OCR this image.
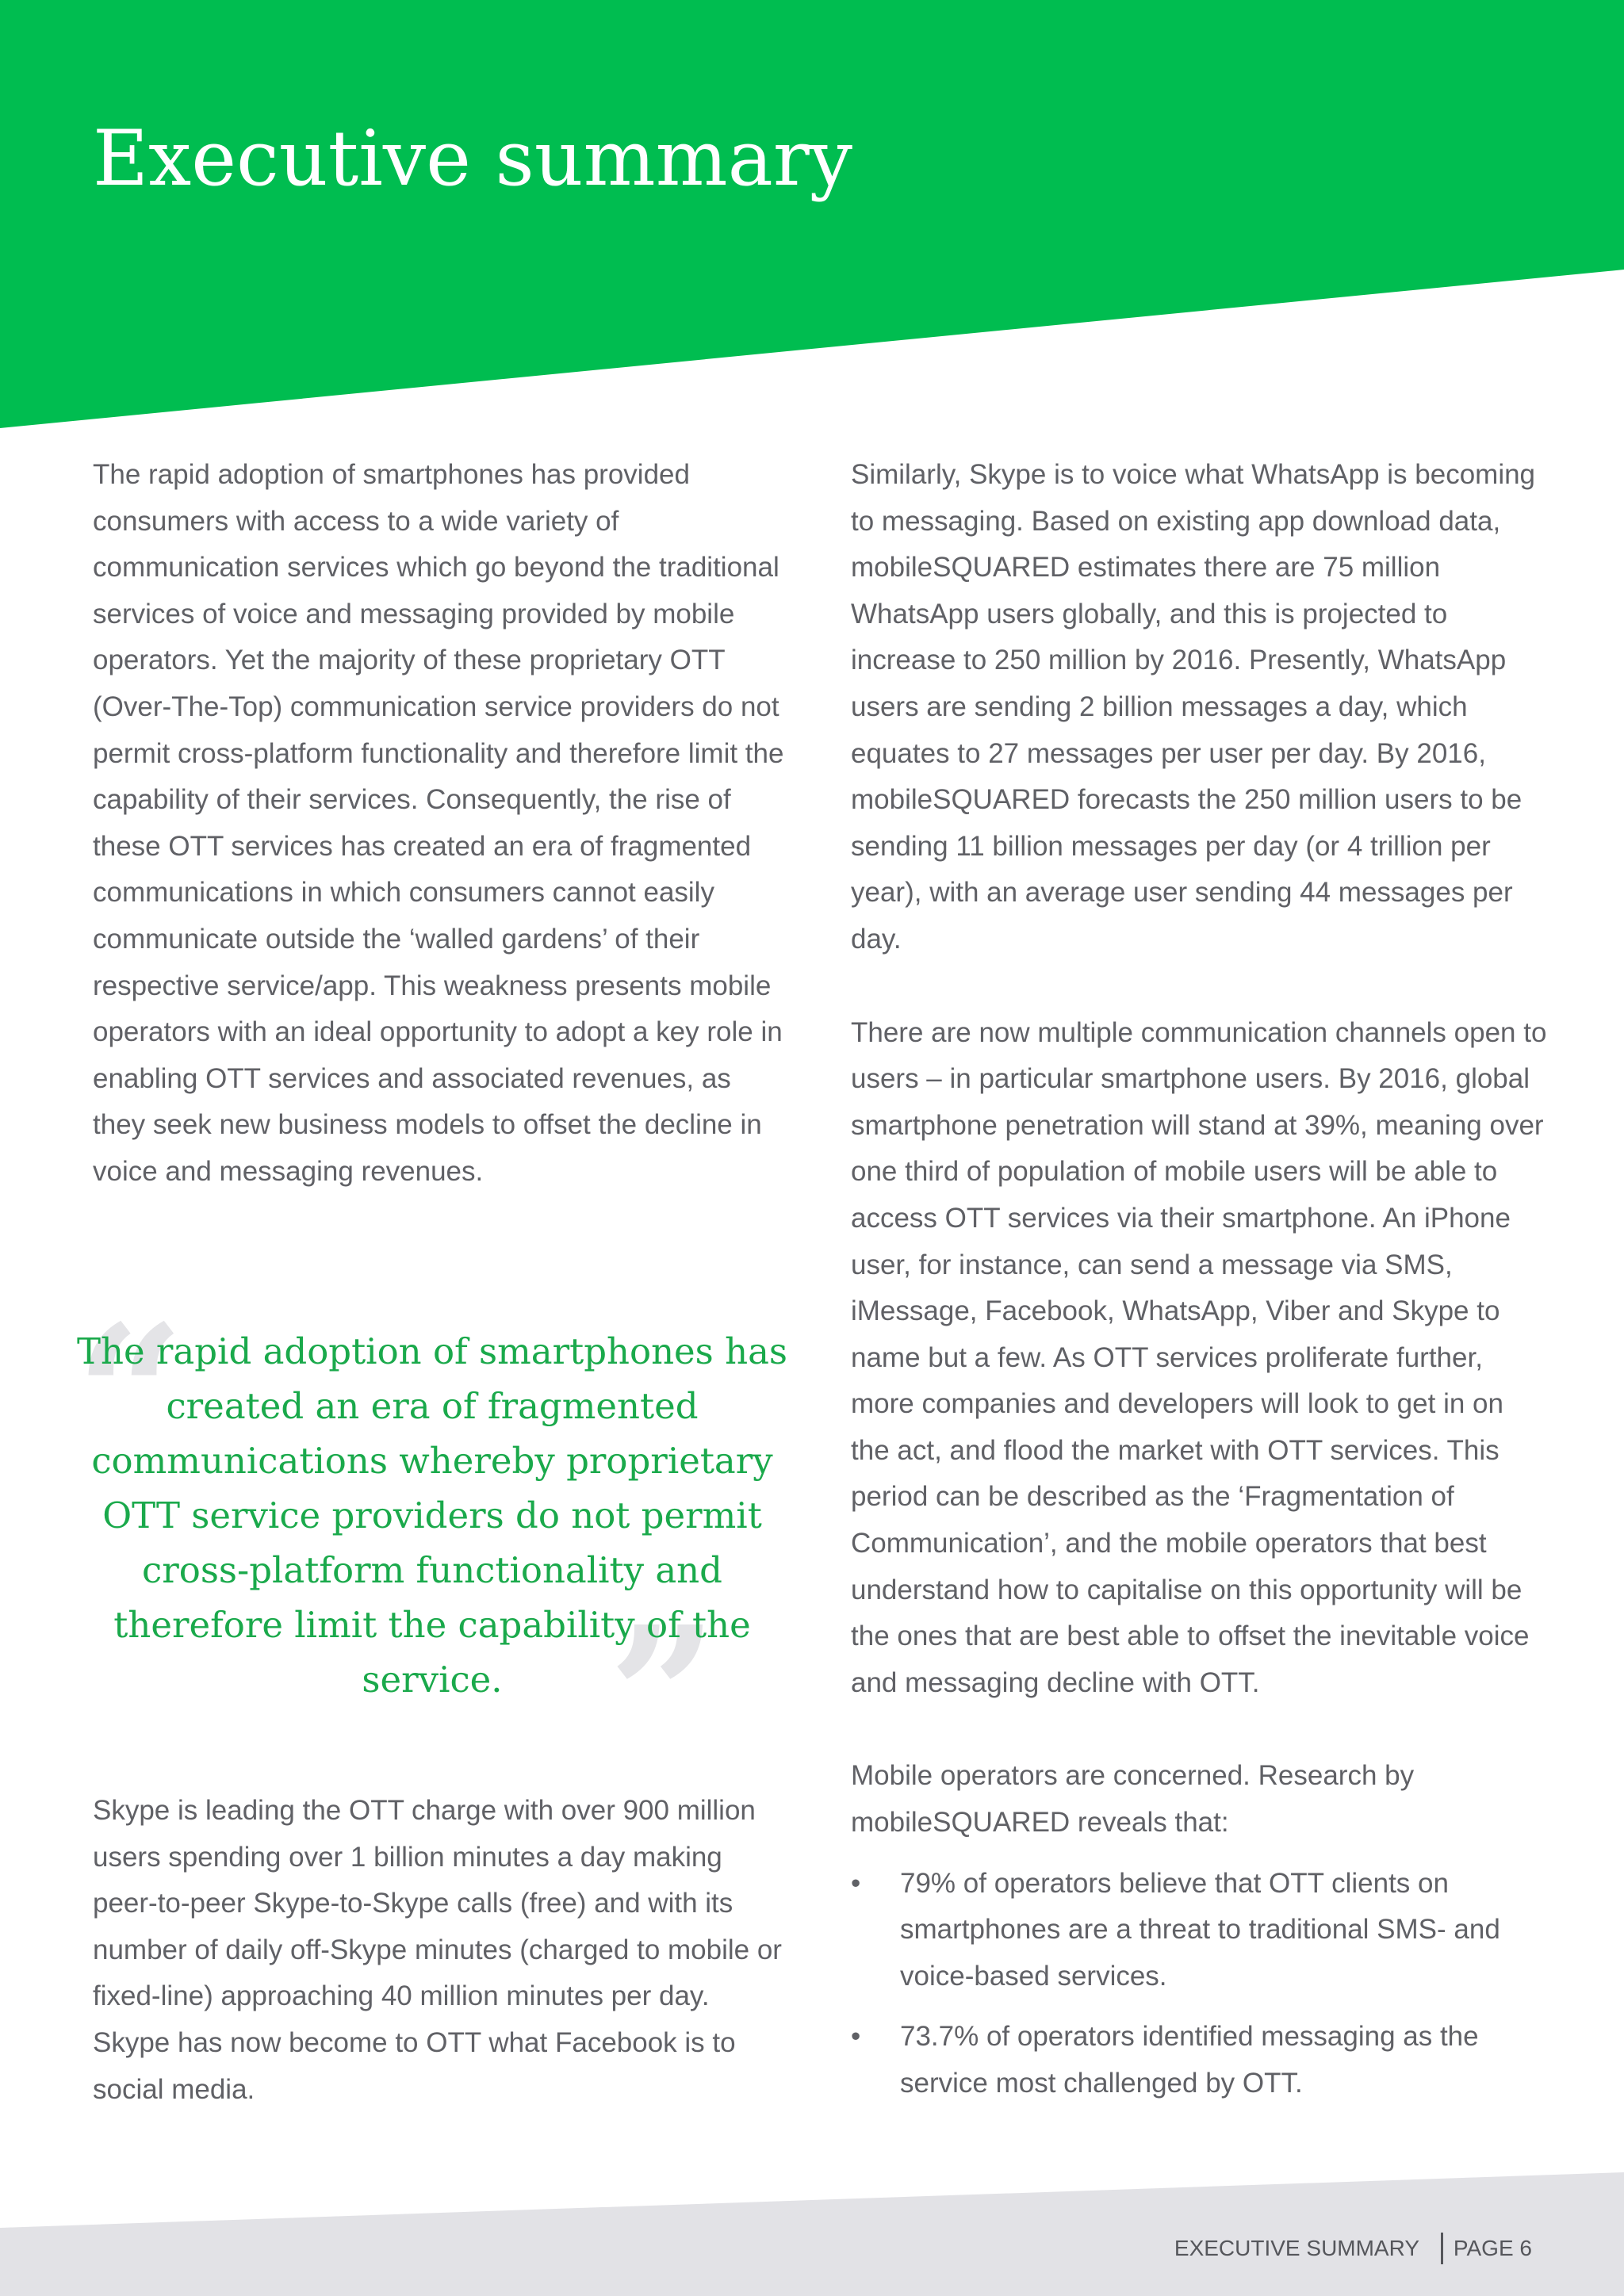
Executive summary

The rapid adoption of smartphones has provided consumers with access to a wide variety of communication services which go beyond the traditional services of voice and messaging provided by mobile operators. Yet the majority of these proprietary OTT (Over-The-Top) communication service providers do not permit cross-platform functionality and therefore limit the capability of their services. Consequently, the rise of these OTT services has created an era of fragmented communications in which consumers cannot easily communicate outside the ‘walled gardens’ of their respective service/app. This weakness presents mobile operators with an ideal opportunity to adopt a key role in enabling OTT services and associated revenues, as they seek new business models to offset the decline in voice and messaging revenues.

“
”

The rapid adoption of smartphones has created an era of fragmented communications whereby proprietary OTT service providers do not permit cross-platform functionality and therefore limit the capability of the service.

Skype is leading the OTT charge with over 900 million users spending over 1 billion minutes a day making peer-to-peer Skype-to-Skype calls (free) and with its number of daily off-Skype minutes (charged to mobile or fixed-line) approaching 40 million minutes per day. Skype has now become to OTT what Facebook is to social media.

Similarly, Skype is to voice what WhatsApp is becoming to messaging. Based on existing app download data, mobileSQUARED estimates there are 75 million WhatsApp users globally, and this is projected to increase to 250 million by 2016. Presently, WhatsApp users are sending 2 billion messages a day, which equates to 27 messages per user per day. By 2016, mobileSQUARED forecasts the 250 million users to be sending 11 billion messages per day (or 4 trillion per year), with an average user sending 44 messages per day.

There are now multiple communication channels open to users – in particular smartphone users. By 2016, global smartphone penetration will stand at 39%, meaning over one third of population of mobile users will be able to access OTT services via their smartphone. An iPhone user, for instance, can send a message via SMS, iMessage, Facebook, WhatsApp, Viber and Skype to name but a few. As OTT services proliferate further, more companies and developers will look to get in on the act, and flood the market with OTT services. This period can be described as the ‘Fragmentation of Communication’, and the mobile operators that best understand how to capitalise on this opportunity will be the ones that are best able to offset the inevitable voice and messaging decline with OTT.

Mobile operators are concerned. Research by mobileSQUARED reveals that:

• 79% of operators believe that OTT clients on smartphones are a threat to traditional SMS- and voice-based services.
• 73.7% of operators identified messaging as the service most challenged by OTT.
EXECUTIVE SUMMARY PAGE 6
